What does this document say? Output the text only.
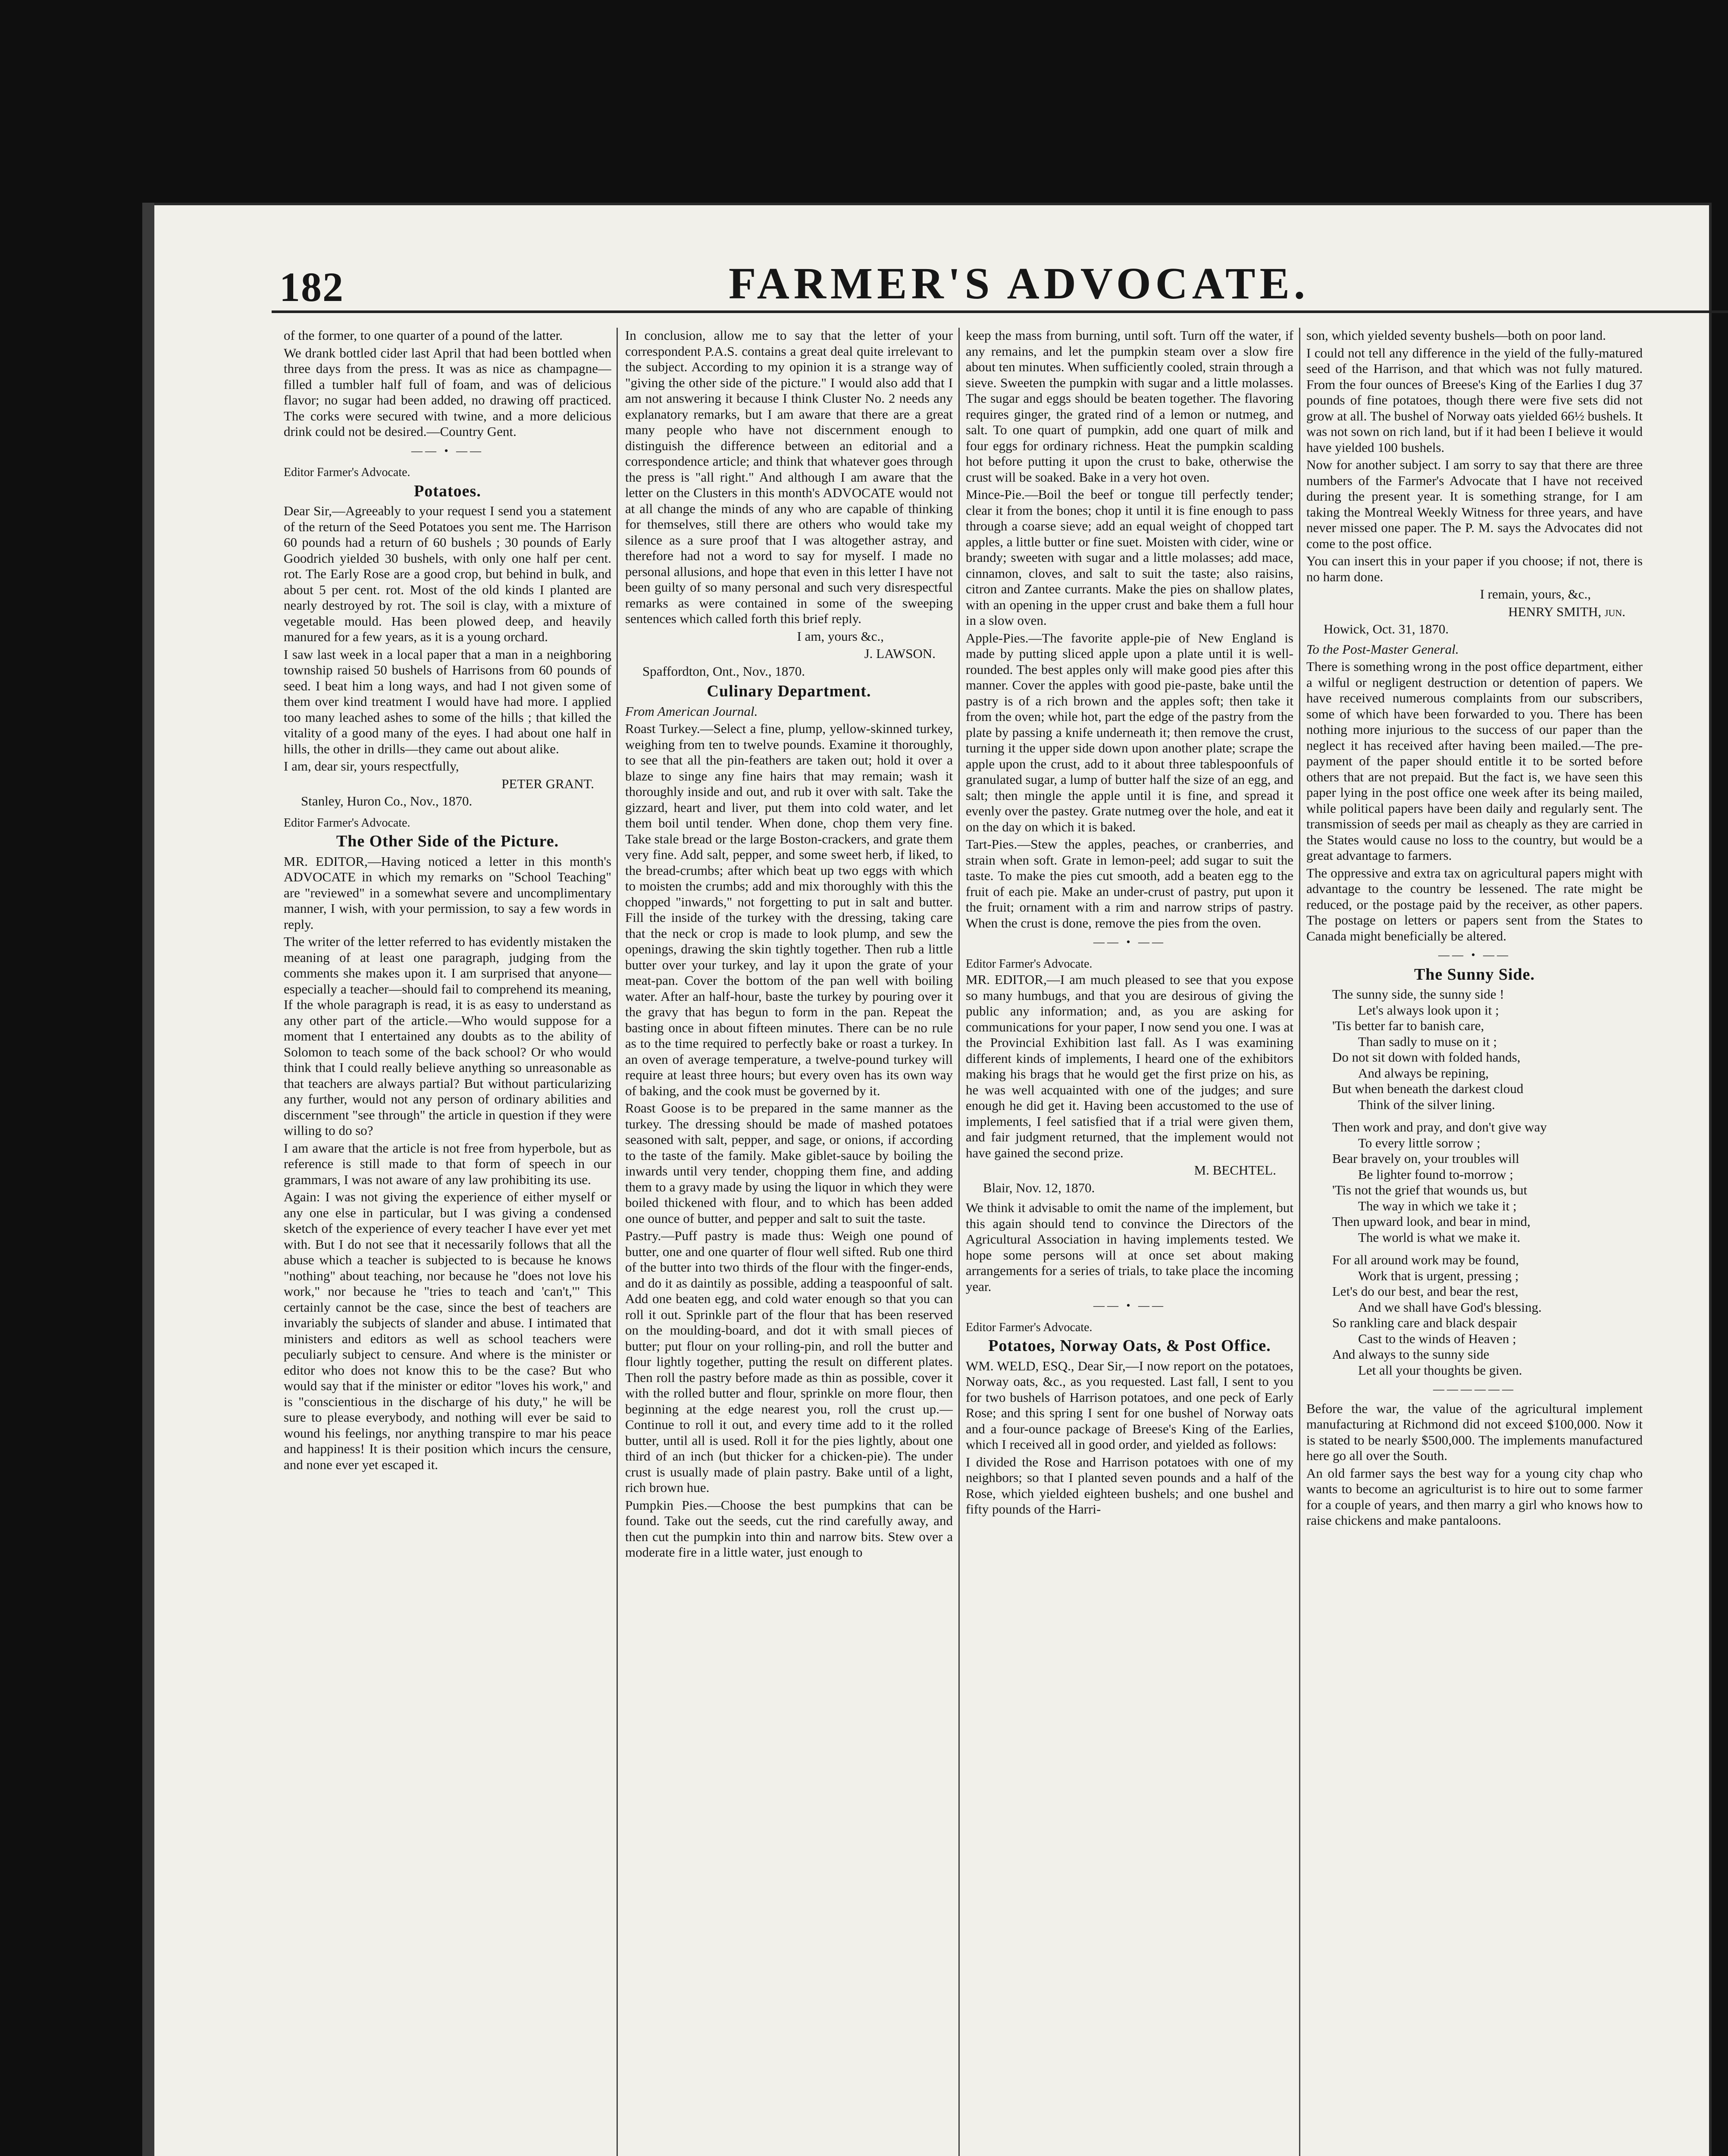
182	FARMER'S ADVOCATE.

of the former, to one quarter of a pound of the latter.

We drank bottled cider last April that had been bottled when three days from the press. It was as nice as champagne—filled a tumbler half full of foam, and was of delicious flavor; no sugar had been added, no drawing off practiced. The corks were secured with twine, and a more delicious drink could not be desired.—Country Gent.

—— • ——

Editor Farmer's Advocate.

Potatoes.

Dear Sir,—Agreeably to your request I send you a statement of the return of the Seed Potatoes you sent me. The Harrison 60 pounds had a return of 60 bushels ; 30 pounds of Early Goodrich yielded 30 bushels, with only one half per cent. rot. The Early Rose are a good crop, but behind in bulk, and about 5 per cent. rot. Most of the old kinds I planted are nearly destroyed by rot. The soil is clay, with a mixture of vegetable mould. Has been plowed deep, and heavily manured for a few years, as it is a young orchard.

I saw last week in a local paper that a man in a neighboring township raised 50 bushels of Harrisons from 60 pounds of seed. I beat him a long ways, and had I not given some of them over kind treatment I would have had more. I applied too many leached ashes to some of the hills ; that killed the vitality of a good many of the eyes. I had about one half in hills, the other in drills—they came out about alike.

I am, dear sir, yours respectfully,

PETER GRANT.

Stanley, Huron Co., Nov., 1870.

Editor Farmer's Advocate.

The Other Side of the Picture.

MR. EDITOR,—Having noticed a letter in this month's ADVOCATE in which my remarks on "School Teaching" are "reviewed" in a somewhat severe and uncomplimentary manner, I wish, with your permission, to say a few words in reply.

The writer of the letter referred to has evidently mistaken the meaning of at least one paragraph, judging from the comments she makes upon it. I am surprised that anyone—especially a teacher—should fail to comprehend its meaning, If the whole paragraph is read, it is as easy to understand as any other part of the article.—Who would suppose for a moment that I entertained any doubts as to the ability of Solomon to teach some of the back school? Or who would think that I could really believe anything so unreasonable as that teachers are always partial? But without particularizing any further, would not any person of ordinary abilities and discernment "see through" the article in question if they were willing to do so?

I am aware that the article is not free from hyperbole, but as reference is still made to that form of speech in our grammars, I was not aware of any law prohibiting its use.

Again: I was not giving the experience of either myself or any one else in particular, but I was giving a condensed sketch of the experience of every teacher I have ever yet met with. But I do not see that it necessarily follows that all the abuse which a teacher is subjected to is because he knows "nothing" about teaching, nor because he "does not love his work," nor because he "tries to teach and 'can't,'" This certainly cannot be the case, since the best of teachers are invariably the subjects of slander and abuse. I intimated that ministers and editors as well as school teachers were peculiarly subject to censure. And where is the minister or editor who does not know this to be the case? But who would say that if the minister or editor "loves his work," and is "conscientious in the discharge of his duty," he will be sure to please everybody, and nothing will ever be said to wound his feelings, nor anything transpire to mar his peace and happiness! It is their position which incurs the censure, and none ever yet escaped it.

In conclusion, allow me to say that the letter of your correspondent P.A.S. contains a great deal quite irrelevant to the subject. According to my opinion it is a strange way of "giving the other side of the picture." I would also add that I am not answering it because I think Cluster No. 2 needs any explanatory remarks, but I am aware that there are a great many people who have not discernment enough to distinguish the difference between an editorial and a correspondence article; and think that whatever goes through the press is "all right." And although I am aware that the letter on the Clusters in this month's ADVOCATE would not at all change the minds of any who are capable of thinking for themselves, still there are others who would take my silence as a sure proof that I was altogether astray, and therefore had not a word to say for myself. I made no personal allusions, and hope that even in this letter I have not been guilty of so many personal and such very disrespectful remarks as were contained in some of the sweeping sentences which called forth this brief reply.

I am, yours &c.,

J. LAWSON.

Spaffordton, Ont., Nov., 1870.

Culinary Department.

From American Journal.

Roast Turkey.—Select a fine, plump, yellow-skinned turkey, weighing from ten to twelve pounds. Examine it thoroughly, to see that all the pin-feathers are taken out; hold it over a blaze to singe any fine hairs that may remain; wash it thoroughly inside and out, and rub it over with salt. Take the gizzard, heart and liver, put them into cold water, and let them boil until tender. When done, chop them very fine. Take stale bread or the large Boston-crackers, and grate them very fine. Add salt, pepper, and some sweet herb, if liked, to the bread-crumbs; after which beat up two eggs with which to moisten the crumbs; add and mix thoroughly with this the chopped "inwards," not forgetting to put in salt and butter. Fill the inside of the turkey with the dressing, taking care that the neck or crop is made to look plump, and sew the openings, drawing the skin tightly together. Then rub a little butter over your turkey, and lay it upon the grate of your meat-pan. Cover the bottom of the pan well with boiling water. After an half-hour, baste the turkey by pouring over it the gravy that has begun to form in the pan. Repeat the basting once in about fifteen minutes. There can be no rule as to the time required to perfectly bake or roast a turkey. In an oven of average temperature, a twelve-pound turkey will require at least three hours; but every oven has its own way of baking, and the cook must be governed by it.

Roast Goose is to be prepared in the same manner as the turkey. The dressing should be made of mashed potatoes seasoned with salt, pepper, and sage, or onions, if according to the taste of the family. Make giblet-sauce by boiling the inwards until very tender, chopping them fine, and adding them to a gravy made by using the liquor in which they were boiled thickened with flour, and to which has been added one ounce of butter, and pepper and salt to suit the taste.

Pastry.—Puff pastry is made thus: Weigh one pound of butter, one and one quarter of flour well sifted. Rub one third of the butter into two thirds of the flour with the finger-ends, and do it as daintily as possible, adding a teaspoonful of salt. Add one beaten egg, and cold water enough so that you can roll it out. Sprinkle part of the flour that has been reserved on the moulding-board, and dot it with small pieces of butter; put flour on your rolling-pin, and roll the butter and flour lightly together, putting the result on different plates. Then roll the pastry before made as thin as possible, cover it with the rolled butter and flour, sprinkle on more flour, then beginning at the edge nearest you, roll the crust up.—Continue to roll it out, and every time add to it the rolled butter, until all is used. Roll it for the pies lightly, about one third of an inch (but thicker for a chicken-pie). The under crust is usually made of plain pastry. Bake until of a light, rich brown hue.

Pumpkin Pies.—Choose the best pumpkins that can be found. Take out the seeds, cut the rind carefully away, and then cut the pumpkin into thin and narrow bits. Stew over a moderate fire in a little water, just enough to

keep the mass from burning, until soft. Turn off the water, if any remains, and let the pumpkin steam over a slow fire about ten minutes. When sufficiently cooled, strain through a sieve. Sweeten the pumpkin with sugar and a little molasses. The sugar and eggs should be beaten together. The flavoring requires ginger, the grated rind of a lemon or nutmeg, and salt. To one quart of pumpkin, add one quart of milk and four eggs for ordinary richness. Heat the pumpkin scalding hot before putting it upon the crust to bake, otherwise the crust will be soaked. Bake in a very hot oven.

Mince-Pie.—Boil the beef or tongue till perfectly tender; clear it from the bones; chop it until it is fine enough to pass through a coarse sieve; add an equal weight of chopped tart apples, a little butter or fine suet. Moisten with cider, wine or brandy; sweeten with sugar and a little molasses; add mace, cinnamon, cloves, and salt to suit the taste; also raisins, citron and Zantee currants. Make the pies on shallow plates, with an opening in the upper crust and bake them a full hour in a slow oven.

Apple-Pies.—The favorite apple-pie of New England is made by putting sliced apple upon a plate until it is well-rounded. The best apples only will make good pies after this manner. Cover the apples with good pie-paste, bake until the pastry is of a rich brown and the apples soft; then take it from the oven; while hot, part the edge of the pastry from the plate by passing a knife underneath it; then remove the crust, turning it the upper side down upon another plate; scrape the apple upon the crust, add to it about three tablespoonfuls of granulated sugar, a lump of butter half the size of an egg, and salt; then mingle the apple until it is fine, and spread it evenly over the pastey. Grate nutmeg over the hole, and eat it on the day on which it is baked.

Tart-Pies.—Stew the apples, peaches, or cranberries, and strain when soft. Grate in lemon-peel; add sugar to suit the taste. To make the pies cut smooth, add a beaten egg to the fruit of each pie. Make an under-crust of pastry, put upon it the fruit; ornament with a rim and narrow strips of pastry. When the crust is done, remove the pies from the oven.

—— • ——

Editor Farmer's Advocate.

MR. EDITOR,—I am much pleased to see that you expose so many humbugs, and that you are desirous of giving the public any information; and, as you are asking for communications for your paper, I now send you one. I was at the Provincial Exhibition last fall. As I was examining different kinds of implements, I heard one of the exhibitors making his brags that he would get the first prize on his, as he was well acquainted with one of the judges; and sure enough he did get it. Having been accustomed to the use of implements, I feel satisfied that if a trial were given them, and fair judgment returned, that the implement would not have gained the second prize.

M. BECHTEL.

Blair, Nov. 12, 1870.

We think it advisable to omit the name of the implement, but this again should tend to convince the Directors of the Agricultural Association in having implements tested. We hope some persons will at once set about making arrangements for a series of trials, to take place the incoming year.

—— • ——

Editor Farmer's Advocate.

Potatoes, Norway Oats, & Post Office.

WM. WELD, ESQ., Dear Sir,—I now report on the potatoes, Norway oats, &c., as you requested. Last fall, I sent to you for two bushels of Harrison potatoes, and one peck of Early Rose; and this spring I sent for one bushel of Norway oats and a four-ounce package of Breese's King of the Earlies, which I received all in good order, and yielded as follows:

I divided the Rose and Harrison potatoes with one of my neighbors; so that I planted seven pounds and a half of the Rose, which yielded eighteen bushels; and one bushel and fifty pounds of the Harri-

son, which yielded seventy bushels—both on poor land.

I could not tell any difference in the yield of the fully-matured seed of the Harrison, and that which was not fully matured. From the four ounces of Breese's King of the Earlies I dug 37 pounds of fine potatoes, though there were five sets did not grow at all. The bushel of Norway oats yielded 66½ bushels. It was not sown on rich land, but if it had been I believe it would have yielded 100 bushels.

Now for another subject. I am sorry to say that there are three numbers of the Farmer's Advocate that I have not received during the present year. It is something strange, for I am taking the Montreal Weekly Witness for three years, and have never missed one paper. The P. M. says the Advocates did not come to the post office.

You can insert this in your paper if you choose; if not, there is no harm done.

I remain, yours, &c.,

HENRY SMITH, jun.

Howick, Oct. 31, 1870.

To the Post-Master General.

There is something wrong in the post office department, either a wilful or negligent destruction or detention of papers. We have received numerous complaints from our subscribers, some of which have been forwarded to you. There has been nothing more injurious to the success of our paper than the neglect it has received after having been mailed.—The pre-payment of the paper should entitle it to be sorted before others that are not prepaid. But the fact is, we have seen this paper lying in the post office one week after its being mailed, while political papers have been daily and regularly sent. The transmission of seeds per mail as cheaply as they are carried in the States would cause no loss to the country, but would be a great advantage to farmers.

The oppressive and extra tax on agricultural papers might with advantage to the country be lessened. The rate might be reduced, or the postage paid by the receiver, as other papers. The postage on letters or papers sent from the States to Canada might beneficially be altered.

—— • ——
The Sunny Side.
The sunny side, the sunny side !
Let's always look upon it ;
'Tis better far to banish care,
Than sadly to muse on it ;
Do not sit down with folded hands,
And always be repining,
But when beneath the darkest cloud
Think of the silver lining.
Then work and pray, and don't give way
To every little sorrow ;
Bear bravely on, your troubles will
Be lighter found to-morrow ;
'Tis not the grief that wounds us, but
The way in which we take it ;
Then upward look, and bear in mind,
The world is what we make it.
For all around work may be found,
Work that is urgent, pressing ;
Let's do our best, and bear the rest,
And we shall have God's blessing.
So rankling care and black despair
Cast to the winds of Heaven ;
And always to the sunny side
Let all your thoughts be given.
——————

Before the war, the value of the agricultural implement manufacturing at Richmond did not exceed $100,000. Now it is stated to be nearly $500,000. The implements manufactured here go all over the South.

An old farmer says the best way for a young city chap who wants to become an agriculturist is to hire out to some farmer for a couple of years, and then marry a girl who knows how to raise chickens and make pantaloons.
